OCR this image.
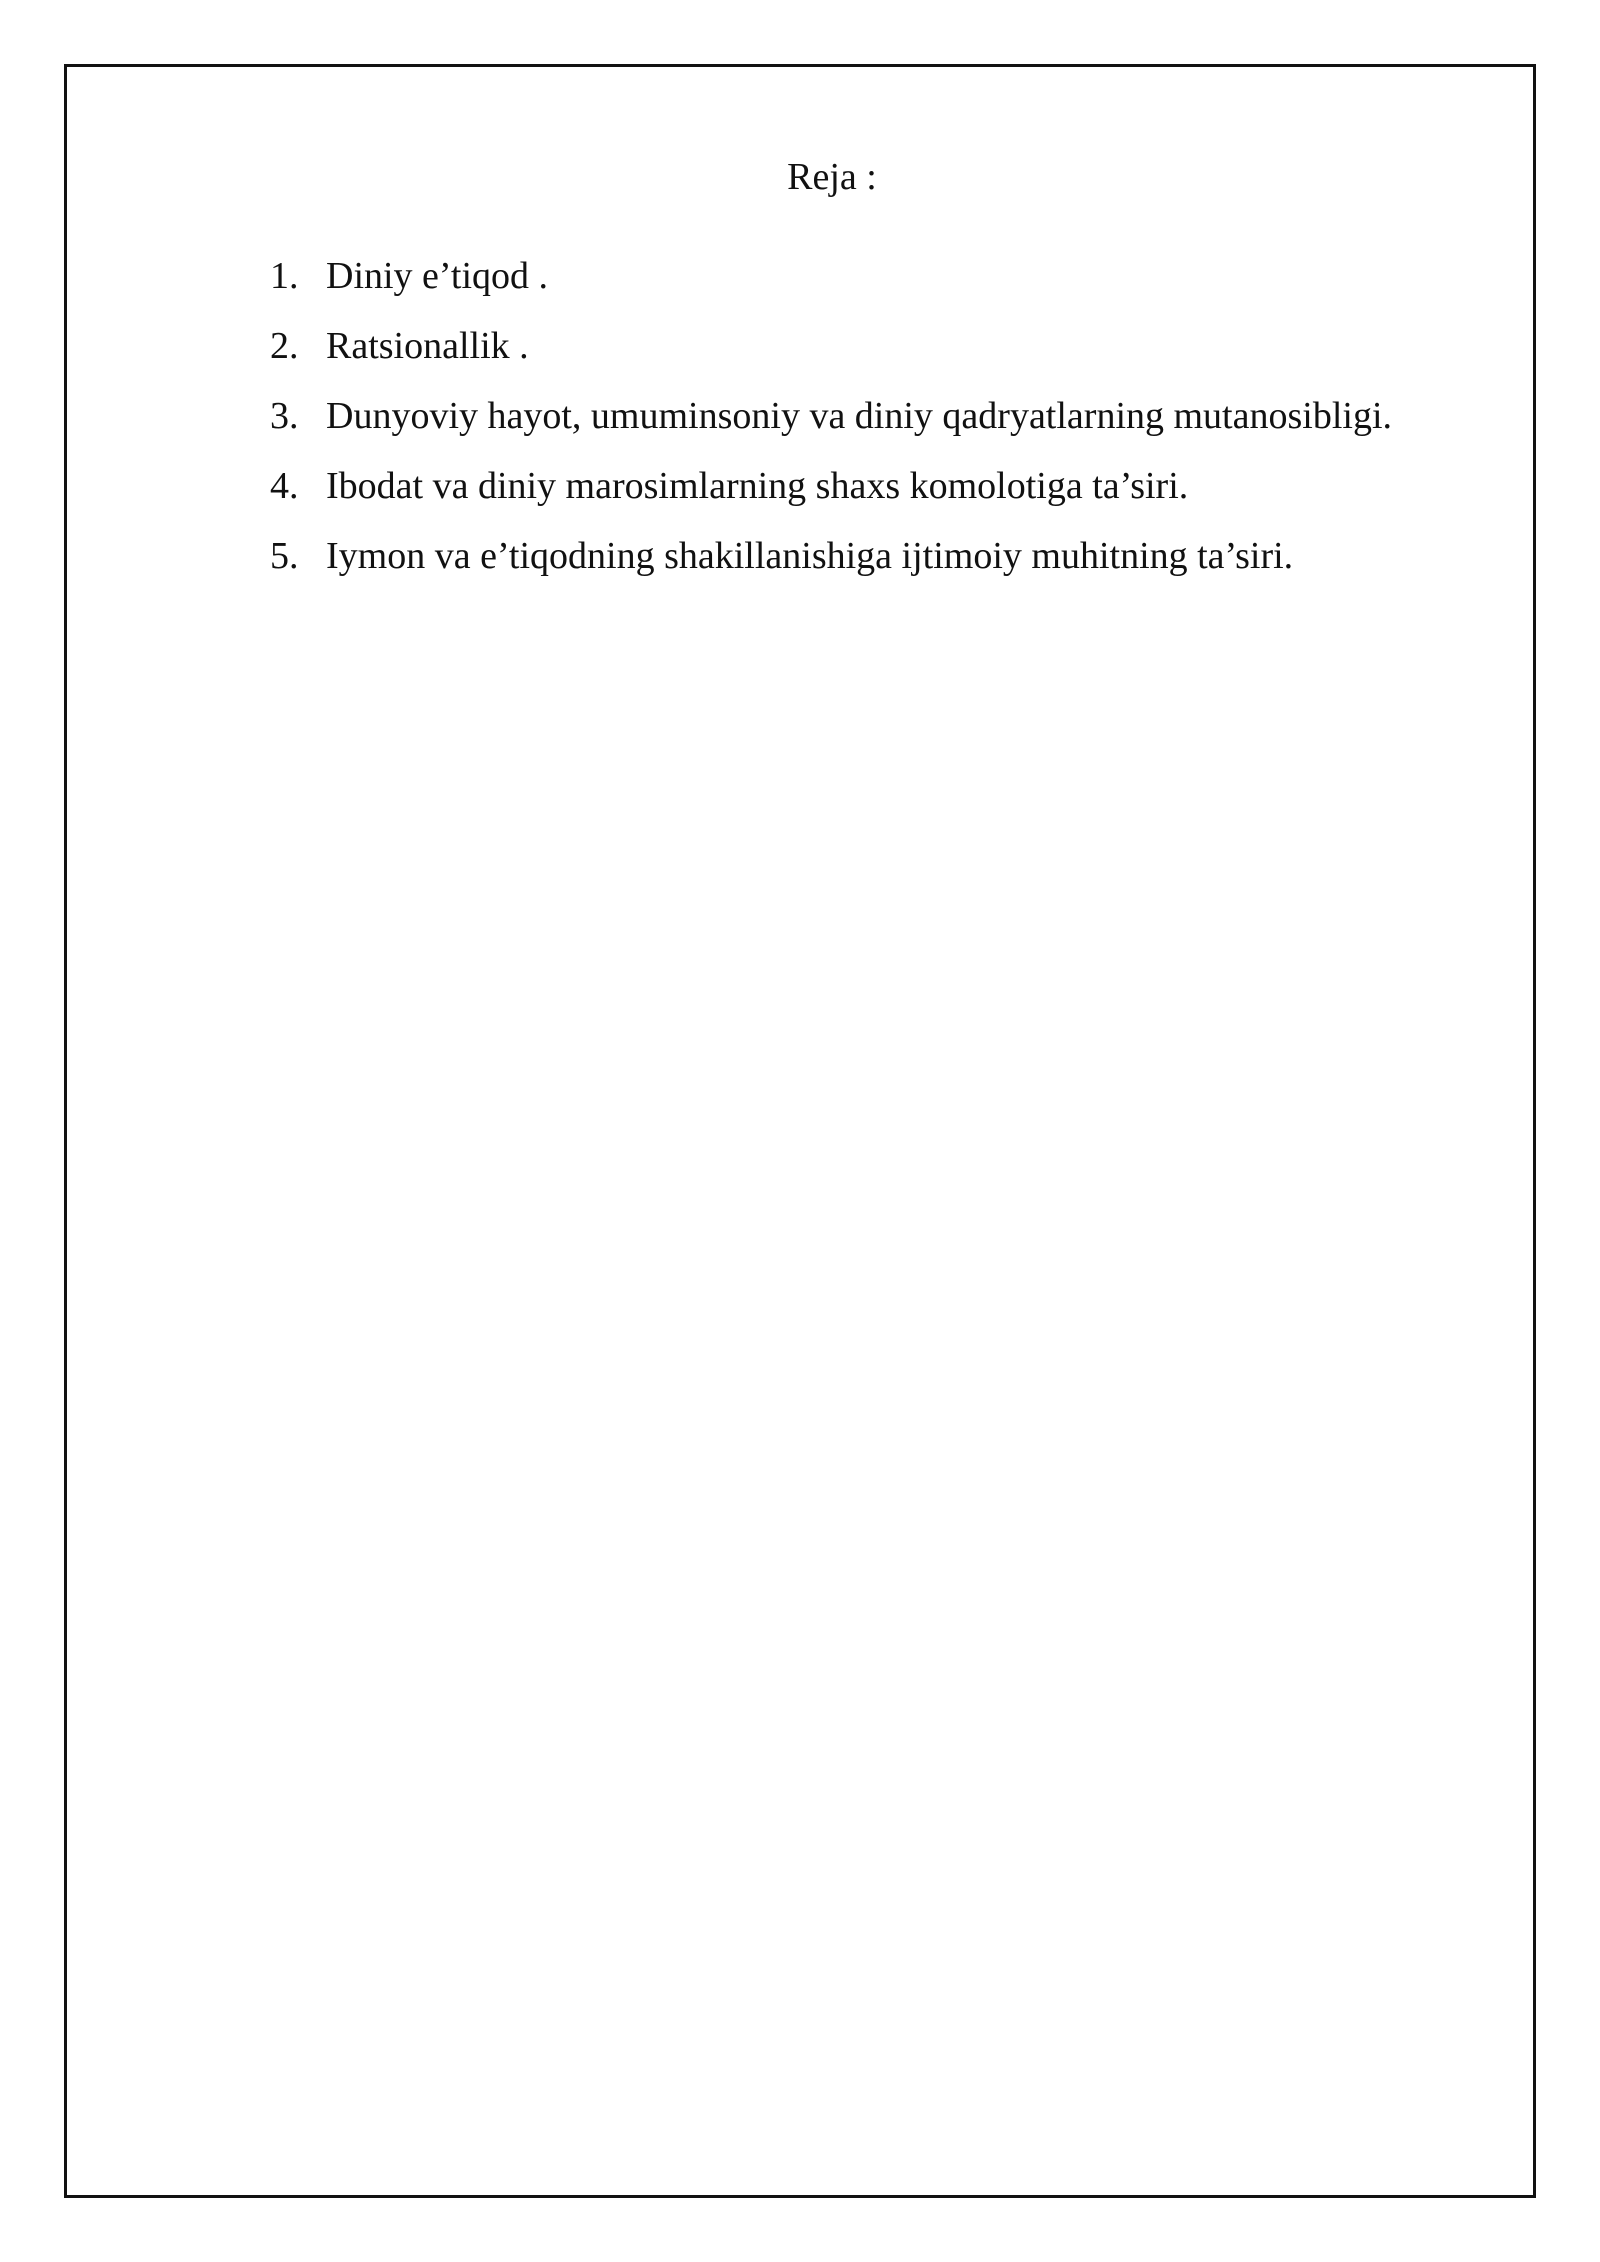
Reja :
1. Diniy e’tiqod .
2. Ratsionallik .
3. Dunyoviy hayot, umuminsoniy va diniy qadryatlarning mutanosibligi.
4. Ibodat va diniy marosimlarning shaxs komolotiga ta’siri.
5. Iymon va e’tiqodning shakillanishiga ijtimoiy muhitning ta’siri.
